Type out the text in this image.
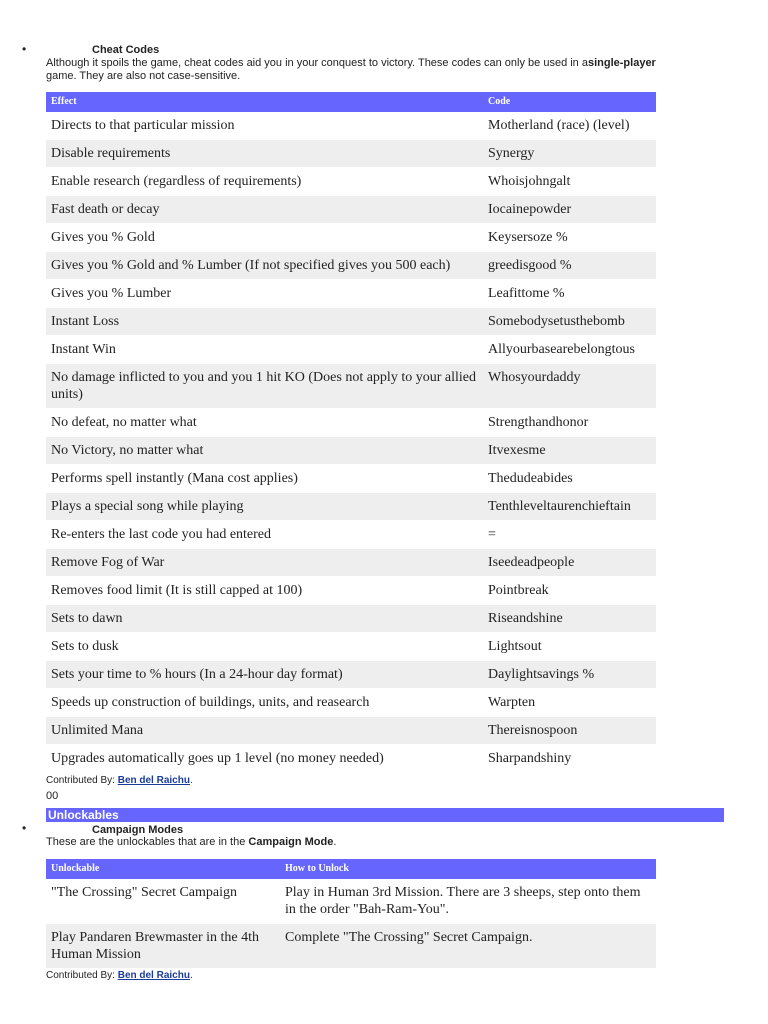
•	Cheat Codes
Although it spoils the game, cheat codes aid you in your conquest to victory. These codes can only be used in asingle-player game. They are also not case-sensitive.
Effect	Code
Directs to that particular mission	Motherland (race) (level)
Disable requirements	Synergy
Enable research (regardless of requirements)	Whoisjohngalt
Fast death or decay	Iocainepowder
Gives you % Gold	Keysersoze %
Gives you % Gold and % Lumber (If not specified gives you 500 each)	greedisgood %
Gives you % Lumber	Leafittome %
Instant Loss	Somebodysetusthebomb
Instant Win	Allyourbasearebelongtous
No damage inflicted to you and you 1 hit KO (Does not apply to your allied units)	Whosyourdaddy
No defeat, no matter what	Strengthandhonor
No Victory, no matter what	Itvexesme
Performs spell instantly (Mana cost applies)	Thedudeabides
Plays a special song while playing	Tenthleveltaurenchieftain
Re-enters the last code you had entered	=
Remove Fog of War	Iseedeadpeople
Removes food limit (It is still capped at 100)	Pointbreak
Sets to dawn	Riseandshine
Sets to dusk	Lightsout
Sets your time to % hours (In a 24-hour day format)	Daylightsavings %
Speeds up construction of buildings, units, and reasearch	Warpten
Unlimited Mana	Thereisnospoon
Upgrades automatically goes up 1 level (no money needed)	Sharpandshiny
Contributed By: Ben del Raichu.
00
Unlockables
•	Campaign Modes
These are the unlockables that are in the Campaign Mode.
Unlockable	How to Unlock
"The Crossing" Secret Campaign	Play in Human 3rd Mission. There are 3 sheeps, step onto them in the order "Bah-Ram-You".
Play Pandaren Brewmaster in the 4th Human Mission	Complete "The Crossing" Secret Campaign.
Contributed By: Ben del Raichu.
